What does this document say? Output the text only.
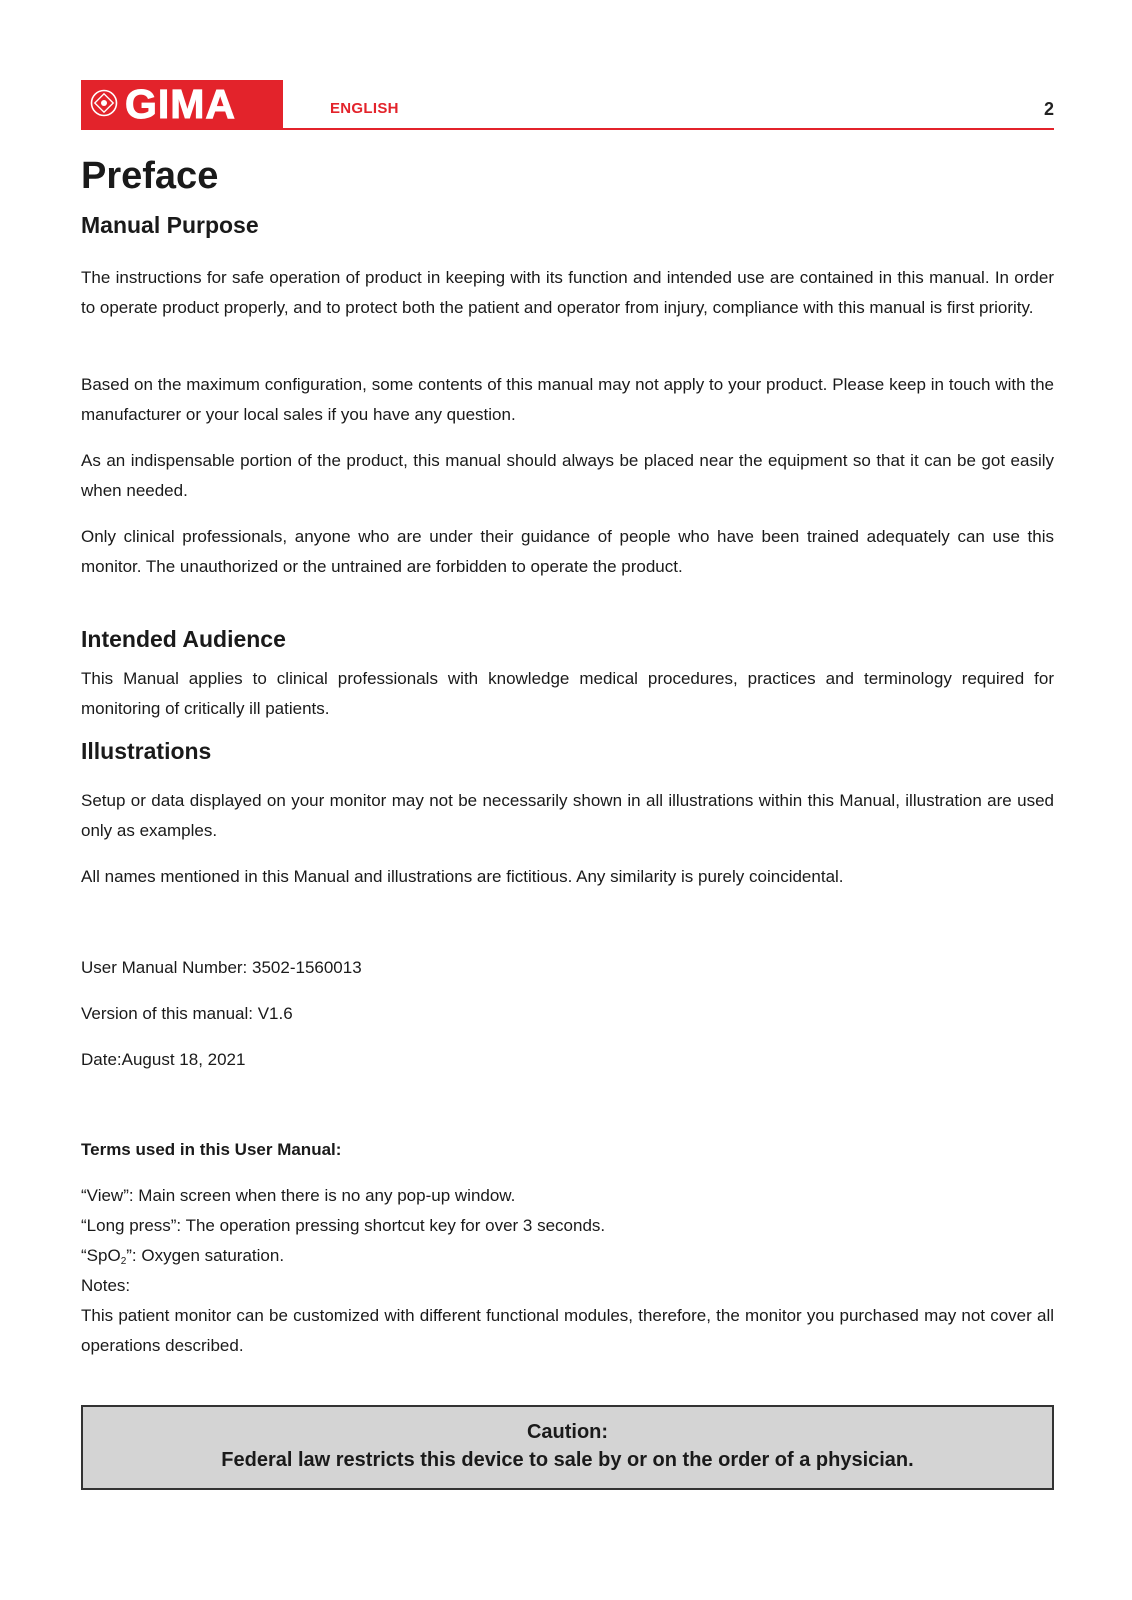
GIMA	ENGLISH	2
Preface
Manual Purpose
The instructions for safe operation of product in keeping with its function and intended use are contained in this manual. In order to operate product properly, and to protect both the patient and operator from injury, compliance with this manual is first priority.
Based on the maximum configuration, some contents of this manual may not apply to your product. Please keep in touch with the manufacturer or your local sales if you have any question.
As an indispensable portion of the product, this manual should always be placed near the equipment so that it can be got easily when needed.
Only clinical professionals, anyone who are under their guidance of people who have been trained adequately can use this monitor. The unauthorized or the untrained are forbidden to operate the product.
Intended Audience
This Manual applies to clinical professionals with knowledge medical procedures, practices and terminology required for monitoring of critically ill patients.
Illustrations
Setup or data displayed on your monitor may not be necessarily shown in all illustrations within this Manual, illustration are used only as examples.
All names mentioned in this Manual and illustrations are fictitious. Any similarity is purely coincidental.
User Manual Number: 3502-1560013
Version of this manual: V1.6
Date:August 18, 2021
Terms used in this User Manual:
“View”: Main screen when there is no any pop-up window.
“Long press”: The operation pressing shortcut key for over 3 seconds.
“SpO$_2$”: Oxygen saturation.
Notes:
This patient monitor can be customized with different functional modules, therefore, the monitor you purchased may not cover all operations described.
Caution:
Federal law restricts this device to sale by or on the order of a physician.
